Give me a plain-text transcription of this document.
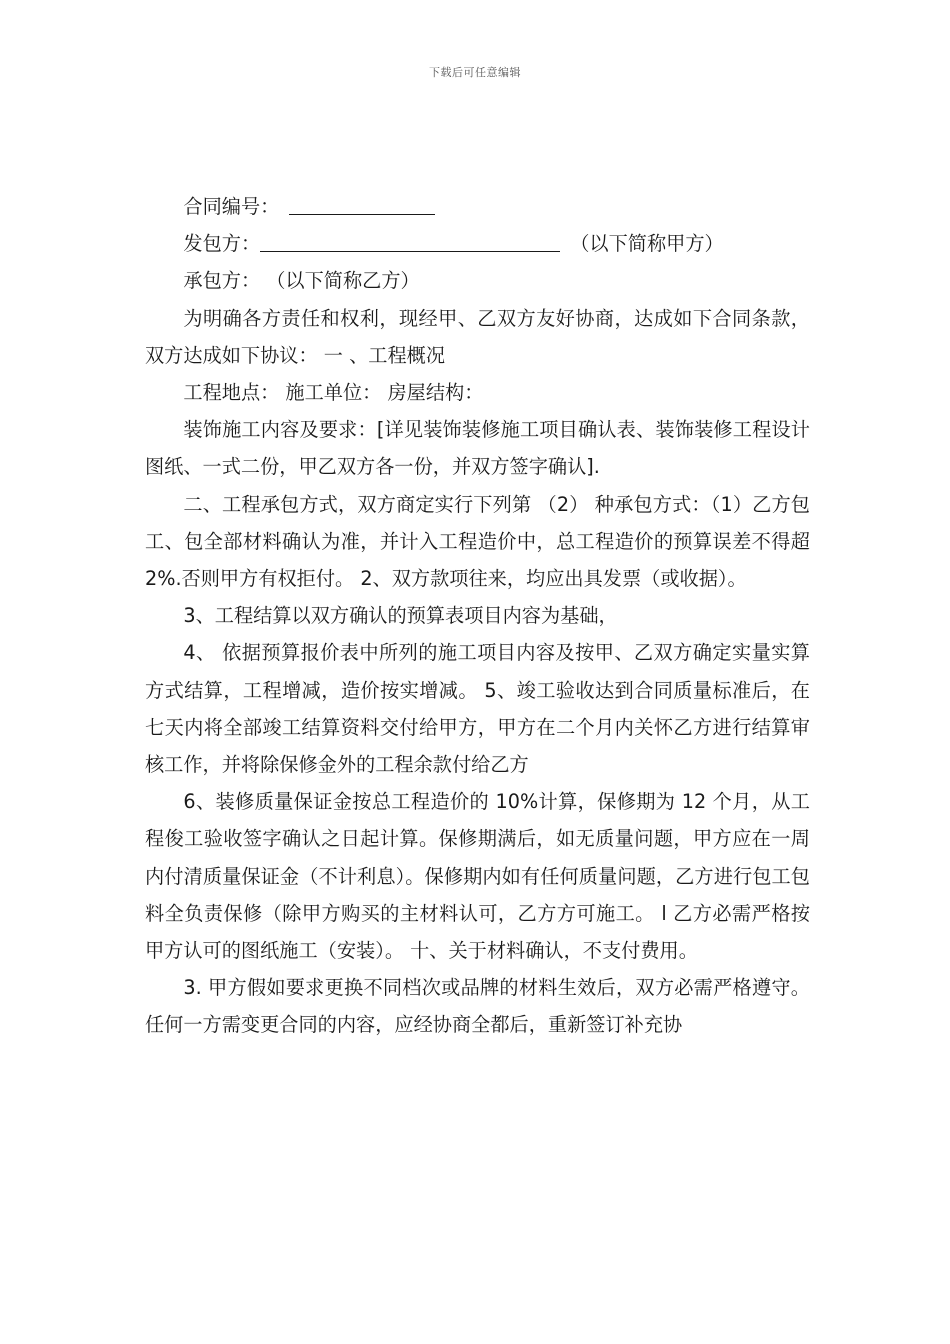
下载后可任意编辑

合同编号：

发包方：	（以下简称甲方）

承包方： （以下简称乙方）

为明确各方责任和权利，现经甲、乙双方友好协商，达成如下合同条款， 双方达成如下协议： 一 、工程概况

工程地点： 施工单位： 房屋结构：

装饰施工内容及要求：[详见装饰装修施工项目确认表、装饰装修工程设计图纸、一式二份，甲乙双方各一份，并双方签字确认].

二、工程承包方式，双方商定实行下列第 （2） 种承包方式：（1）乙方包工、包全部材料确认为准，并计入工程造价中，总工程造价的预算误差不得超 2%.否则甲方有权拒付。 2、双方款项往来，均应出具发票（或收据）。

3、工程结算以双方确认的预算表项目内容为基础，

4、 依据预算报价表中所列的施工项目内容及按甲、乙双方确定实量实算方式结算，工程增减，造价按实增减。 5、竣工验收达到合同质量标准后，在七天内将全部竣工结算资料交付给甲方，甲方在二个月内关怀乙方进行结算审核工作，并将除保修金外的工程余款付给乙方

6、装修质量保证金按总工程造价的 10%计算，保修期为 12 个月，从工程俊工验收签字确认之日起计算。保修期满后，如无质量问题，甲方应在一周内付清质量保证金（不计利息）。保修期内如有任何质量问题，乙方进行包工包料全负责保修（除甲方购买的主材料认可，乙方方可施工。 l 乙方必需严格按甲方认可的图纸施工（安装）。 十、关于材料确认，不支付费用。

3. 甲方假如要求更换不同档次或品牌的材料生效后，双方必需严格遵守。任何一方需变更合同的内容，应经协商全都后，重新签订补充协
